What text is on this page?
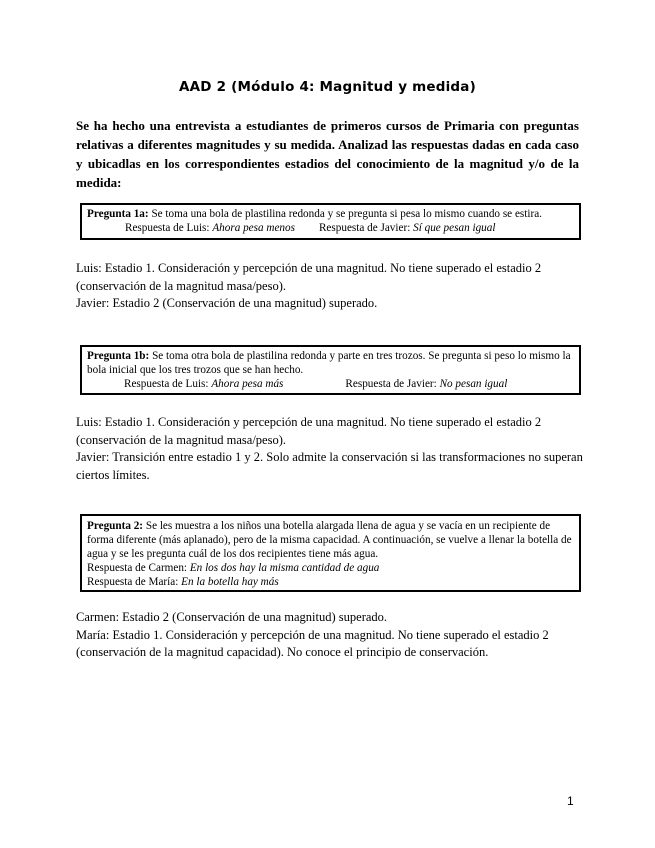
AAD 2 (Módulo 4: Magnitud y medida)
Se ha hecho una entrevista a estudiantes de primeros cursos de Primaria con preguntas relativas a diferentes magnitudes y su medida. Analizad las respuestas dadas en cada caso y ubicadlas en los correspondientes estadios del conocimiento de la magnitud y/o de la medida:
Pregunta 1a: Se toma una bola de plastilina redonda y se pregunta si pesa lo mismo cuando se estira.
Respuesta de Luis: Ahora pesa menos Respuesta de Javier: Sí que pesan igual

Luis: Estadio 1. Consideración y percepción de una magnitud. No tiene superado el estadio 2 (conservación de la magnitud masa/peso).

Javier: Estadio 2 (Conservación de una magnitud) superado.

Pregunta 1b: Se toma otra bola de plastilina redonda y parte en tres trozos. Se pregunta si peso lo mismo la bola inicial que los tres trozos que se han hecho.
Respuesta de Luis: Ahora pesa más	Respuesta de Javier: No pesan igual

Luis: Estadio 1. Consideración y percepción de una magnitud. No tiene superado el estadio 2 (conservación de la magnitud masa/peso).

Javier: Transición entre estadio 1 y 2. Solo admite la conservación si las transformaciones no superan ciertos límites.

Pregunta 2: Se les muestra a los niños una botella alargada llena de agua y se vacía en un recipiente de forma diferente (más aplanado), pero de la misma capacidad. A continuación, se vuelve a llenar la botella de agua y se les pregunta cuál de los dos recipientes tiene más agua.
Respuesta de Carmen: En los dos hay la misma cantidad de agua
Respuesta de María: En la botella hay más

Carmen: Estadio 2 (Conservación de una magnitud) superado.

María: Estadio 1. Consideración y percepción de una magnitud. No tiene superado el estadio 2 (conservación de la magnitud capacidad). No conoce el principio de conservación.

1
